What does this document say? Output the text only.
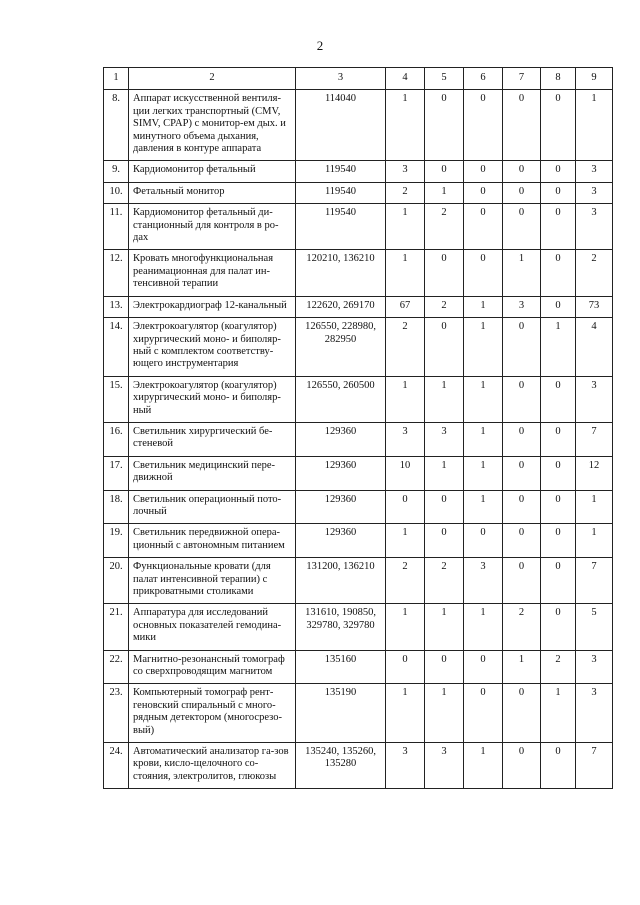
2
1	2	3	4	5	6	7	8	9
8.	Аппарат искусственной вентиля-ции легких транспортный (CMV, SIMV, CPAP) с монитор-ем дых. и минутного объема дыхания, давления в контуре аппарата	114040	1	0	0	0	0	1
9.	Кардиомонитор фетальный	119540	3	0	0	0	0	3
10.	Фетальный монитор	119540	2	1	0	0	0	3
11.	Кардиомонитор фетальный ди-станционный для контроля в ро-дах	119540	1	2	0	0	0	3
12.	Кровать многофункциональная реанимационная для палат ин-тенсивной терапии	120210, 136210	1	0	0	1	0	2
13.	Электрокардиограф 12-канальный	122620, 269170	67	2	1	3	0	73
14.	Электрокоагулятор (коагулятор) хирургический моно- и биполяр-ный с комплектом соответству-ющего инструментария	126550, 228980, 282950	2	0	1	0	1	4
15.	Электрокоагулятор (коагулятор) хирургический моно- и биполяр-ный	126550, 260500	1	1	1	0	0	3
16.	Светильник хирургический бе-стеневой	129360	3	3	1	0	0	7
17.	Светильник медицинский пере-движной	129360	10	1	1	0	0	12
18.	Светильник операционный пото-лочный	129360	0	0	1	0	0	1
19.	Светильник передвижной опера-ционный с автономным питанием	129360	1	0	0	0	0	1
20.	Функциональные кровати (для палат интенсивной терапии) с прикроватными столиками	131200, 136210	2	2	3	0	0	7
21.	Аппаратура для исследований основных показателей гемодина-мики	131610, 190850, 329780, 329780	1	1	1	2	0	5
22.	Магнитно-резонансный томограф со сверхпроводящим магнитом	135160	0	0	0	1	2	3
23.	Компьютерный томограф рент-геновский спиральный с много-рядным детектором (многосрезо-вый)	135190	1	1	0	0	1	3
24.	Автоматический анализатор га-зов крови, кисло-щелочного со-стояния, электролитов, глюкозы	135240, 135260, 135280	3	3	1	0	0	7
